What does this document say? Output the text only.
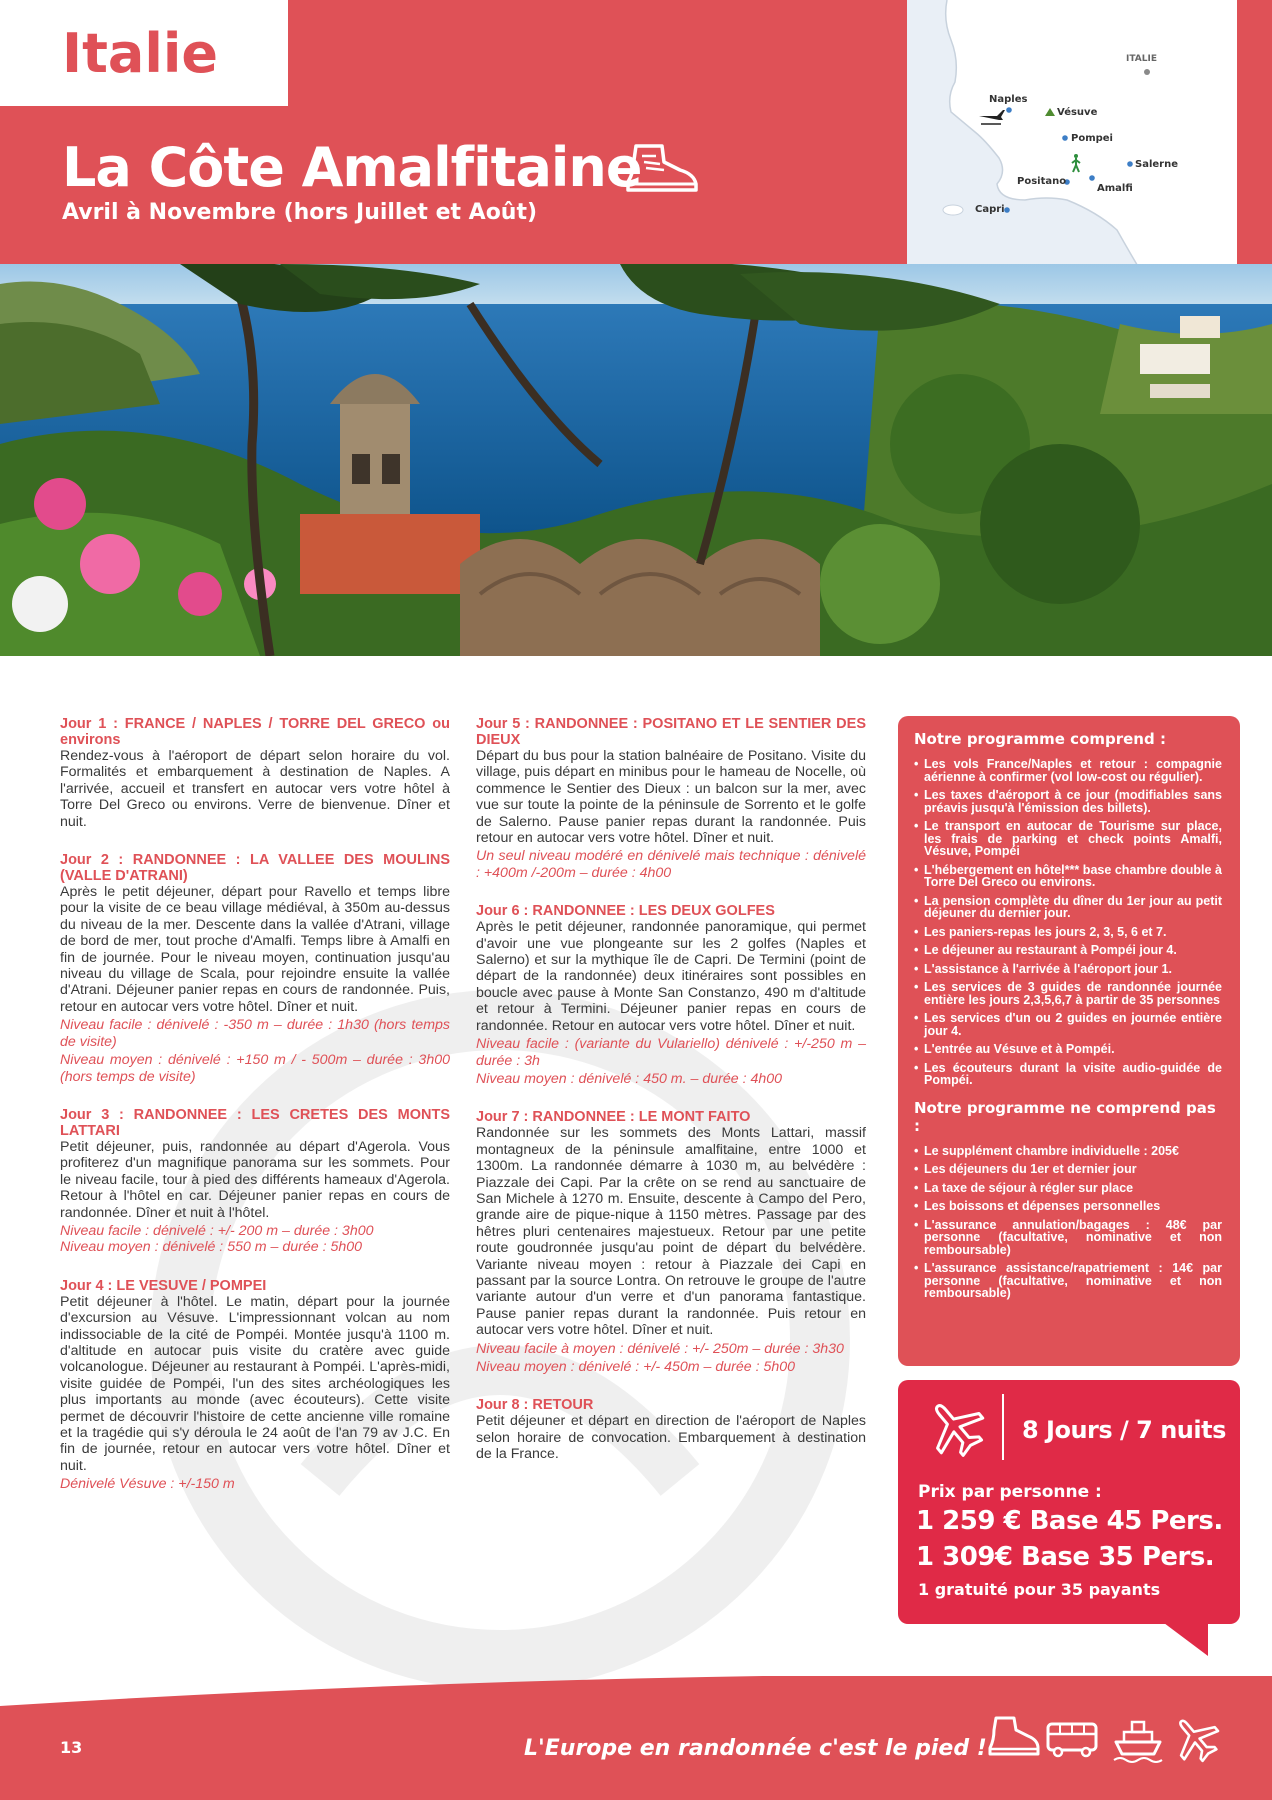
Italie
La Côte Amalfitaine
Avril à Novembre (hors Juillet et Août)
ITALIE
Naples
Vésuve
Pompei
Salerne
Positano
Amalfi
Capri
Jour 1 : FRANCE / NAPLES / TORRE DEL GRECO ou environs

Rendez-vous à l'aéroport de départ selon horaire du vol. Formalités et embarquement à destination de Naples. A l'arrivée, accueil et transfert en autocar vers votre hôtel à Torre Del Greco ou environs. Verre de bienvenue. Dîner et nuit.

Jour 2 : RANDONNEE : LA VALLEE DES MOULINS (VALLE D'ATRANI)

Après le petit déjeuner, départ pour Ravello et temps libre pour la visite de ce beau village médiéval, à 350m au-dessus du niveau de la mer. Descente dans la vallée d'Atrani, village de bord de mer, tout proche d'Amalfi. Temps libre à Amalfi en fin de journée. Pour le niveau moyen, continuation jusqu'au niveau du village de Scala, pour rejoindre ensuite la vallée d'Atrani. Déjeuner panier repas en cours de randonnée. Puis, retour en autocar vers votre hôtel. Dîner et nuit.

Niveau facile : dénivelé : -350 m – durée : 1h30 (hors temps de visite)

Niveau moyen : dénivelé : +150 m / - 500m – durée : 3h00 (hors temps de visite)

Jour 3 : RANDONNEE : LES CRETES DES MONTS LATTARI

Petit déjeuner, puis, randonnée au départ d'Agerola. Vous profiterez d'un magnifique panorama sur les sommets. Pour le niveau facile, tour à pied des différents hameaux d'Agerola. Retour à l'hôtel en car. Déjeuner panier repas en cours de randonnée. Dîner et nuit à l'hôtel.

Niveau facile : dénivelé : +/- 200 m – durée : 3h00

Niveau moyen : dénivelé : 550 m – durée : 5h00

Jour 4 : LE VESUVE / POMPEI

Petit déjeuner à l'hôtel. Le matin, départ pour la journée d'excursion au Vésuve. L'impressionnant volcan au nom indissociable de la cité de Pompéi. Montée jusqu'à 1100 m. d'altitude en autocar puis visite du cratère avec guide volcanologue. Déjeuner au restaurant à Pompéi. L'après-midi, visite guidée de Pompéi, l'un des sites archéologiques les plus importants au monde (avec écouteurs). Cette visite permet de découvrir l'histoire de cette ancienne ville romaine et la tragédie qui s'y déroula le 24 août de l'an 79 av J.C. En fin de journée, retour en autocar vers votre hôtel. Dîner et nuit.

Dénivelé Vésuve : +/-150 m

Jour 5 : RANDONNEE : POSITANO ET LE SENTIER DES DIEUX

Départ du bus pour la station balnéaire de Positano. Visite du village, puis départ en minibus pour le hameau de Nocelle, où commence le Sentier des Dieux : un balcon sur la mer, avec vue sur toute la pointe de la péninsule de Sorrento et le golfe de Salerno. Pause panier repas durant la randonnée. Puis retour en autocar vers votre hôtel. Dîner et nuit.

Un seul niveau modéré en dénivelé mais technique : dénivelé : +400m /-200m – durée : 4h00

Jour 6 : RANDONNEE : LES DEUX GOLFES

Après le petit déjeuner, randonnée panoramique, qui permet d'avoir une vue plongeante sur les 2 golfes (Naples et Salerno) et sur la mythique île de Capri. De Termini (point de départ de la randonnée) deux itinéraires sont possibles en boucle avec pause à Monte San Constanzo, 490 m d'altitude et retour à Termini. Déjeuner panier repas en cours de randonnée. Retour en autocar vers votre hôtel. Dîner et nuit.

Niveau facile : (variante du Vulariello) dénivelé : +/-250 m – durée : 3h

Niveau moyen : dénivelé : 450 m. – durée : 4h00

Jour 7 : RANDONNEE : LE MONT FAITO

Randonnée sur les sommets des Monts Lattari, massif montagneux de la péninsule amalfitaine, entre 1000 et 1300m. La randonnée démarre à 1030 m, au belvédère : Piazzale dei Capi. Par la crête on se rend au sanctuaire de San Michele à 1270 m. Ensuite, descente à Campo del Pero, grande aire de pique-nique à 1150 mètres. Passage par des hêtres pluri centenaires majestueux. Retour par une petite route goudronnée jusqu'au point de départ du belvédère. Variante niveau moyen : retour à Piazzale dei Capi en passant par la source Lontra. On retrouve le groupe de l'autre variante autour d'un verre et d'un panorama fantastique. Pause panier repas durant la randonnée. Puis retour en autocar vers votre hôtel. Dîner et nuit.

Niveau facile à moyen : dénivelé : +/- 250m – durée : 3h30

Niveau moyen : dénivelé : +/- 450m – durée : 5h00

Jour 8 : RETOUR

Petit déjeuner et départ en direction de l'aéroport de Naples selon horaire de convocation. Embarquement à destination de la France.

Notre programme comprend :
• Les vols France/Naples et retour : compagnie aérienne à confirmer (vol low-cost ou régulier).
• Les taxes d'aéroport à ce jour (modifiables sans préavis jusqu'à l'émission des billets).
• Le transport en autocar de Tourisme sur place, les frais de parking et check points Amalfi, Vésuve, Pompéi
• L'hébergement en hôtel*** base chambre double à Torre Del Greco ou environs.
• La pension complète du dîner du 1er jour au petit déjeuner du dernier jour.
• Les paniers-repas les jours 2, 3, 5, 6 et 7.
• Le déjeuner au restaurant à Pompéi jour 4.
• L'assistance à l'arrivée à l'aéroport jour 1.
• Les services de 3 guides de randonnée journée entière les jours 2,3,5,6,7 à partir de 35 personnes
• Les services d'un ou 2 guides en journée entière jour 4.
• L'entrée au Vésuve et à Pompéi.
• Les écouteurs durant la visite audio-guidée de Pompéi.
Notre programme ne comprend pas :
• Le supplément chambre individuelle : 205€
• Les déjeuners du 1er et dernier jour
• La taxe de séjour à régler sur place
• Les boissons et dépenses personnelles
• L'assurance annulation/bagages : 48€ par personne (facultative, nominative et non remboursable)
• L'assurance assistance/rapatriement : 14€ par personne (facultative, nominative et non remboursable)
8 Jours / 7 nuits
Prix par personne :
1 259 € Base 45 Pers.
1 309€ Base 35 Pers.
1 gratuité pour 35 payants
13	L'Europe en randonnée c'est le pied !
